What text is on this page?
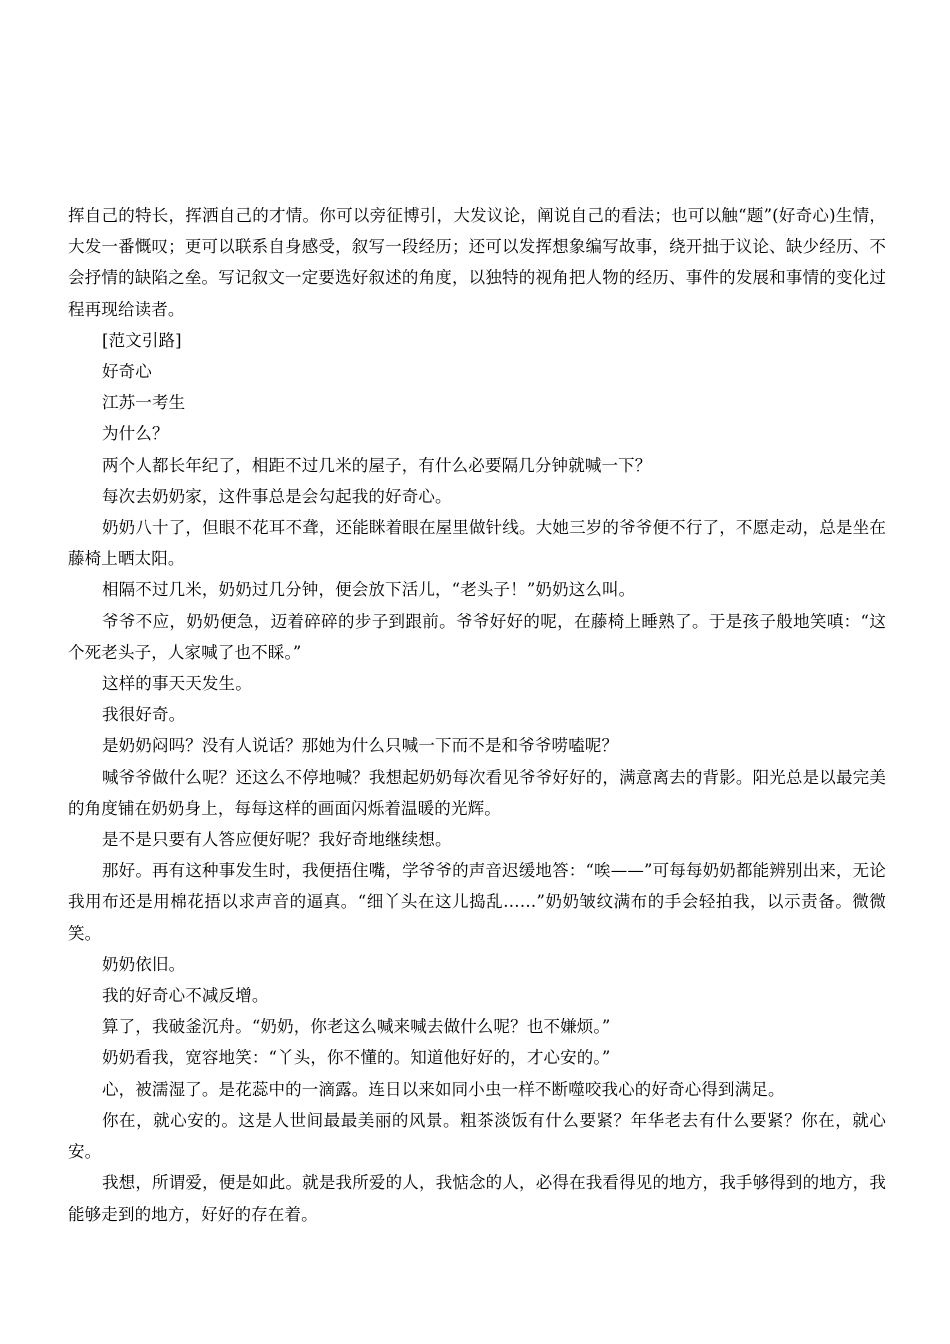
挥自己的特长，挥洒自己的才情。你可以旁征博引，大发议论，阐说自己的看法；也可以触“题”(好奇心)生情，大发一番慨叹；更可以联系自身感受，叙写一段经历；还可以发挥想象编写故事，绕开拙于议论、缺少经历、不会抒情的缺陷之垒。写记叙文一定要选好叙述的角度，以独特的视角把人物的经历、事件的发展和事情的变化过程再现给读者。

[范文引路]

好奇心

江苏一考生

为什么？

两个人都长年纪了，相距不过几米的屋子，有什么必要隔几分钟就喊一下？

每次去奶奶家，这件事总是会勾起我的好奇心。

奶奶八十了，但眼不花耳不聋，还能眯着眼在屋里做针线。大她三岁的爷爷便不行了，不愿走动，总是坐在藤椅上晒太阳。

相隔不过几米，奶奶过几分钟，便会放下活儿，“老头子！”奶奶这么叫。

爷爷不应，奶奶便急，迈着碎碎的步子到跟前。爷爷好好的呢，在藤椅上睡熟了。于是孩子般地笑嗔：“这个死老头子，人家喊了也不睬。”

这样的事天天发生。

我很好奇。

是奶奶闷吗？没有人说话？那她为什么只喊一下而不是和爷爷唠嗑呢？

喊爷爷做什么呢？还这么不停地喊？我想起奶奶每次看见爷爷好好的，满意离去的背影。阳光总是以最完美的角度铺在奶奶身上，每每这样的画面闪烁着温暖的光辉。

是不是只要有人答应便好呢？我好奇地继续想。

那好。再有这种事发生时，我便捂住嘴，学爷爷的声音迟缓地答：“唉——”可每每奶奶都能辨别出来，无论我用布还是用棉花捂以求声音的逼真。“细丫头在这儿捣乱……”奶奶皱纹满布的手会轻拍我，以示责备。微微笑。

奶奶依旧。

我的好奇心不减反增。

算了，我破釜沉舟。“奶奶，你老这么喊来喊去做什么呢？也不嫌烦。”

奶奶看我，宽容地笑：“丫头，你不懂的。知道他好好的，才心安的。”

心，被濡湿了。是花蕊中的一滴露。连日以来如同小虫一样不断噬咬我心的好奇心得到满足。

你在，就心安的。这是人世间最最美丽的风景。粗茶淡饭有什么要紧？年华老去有什么要紧？你在，就心安。

我想，所谓爱，便是如此。就是我所爱的人，我惦念的人，必得在我看得见的地方，我手够得到的地方，我能够走到的地方，好好的存在着。
